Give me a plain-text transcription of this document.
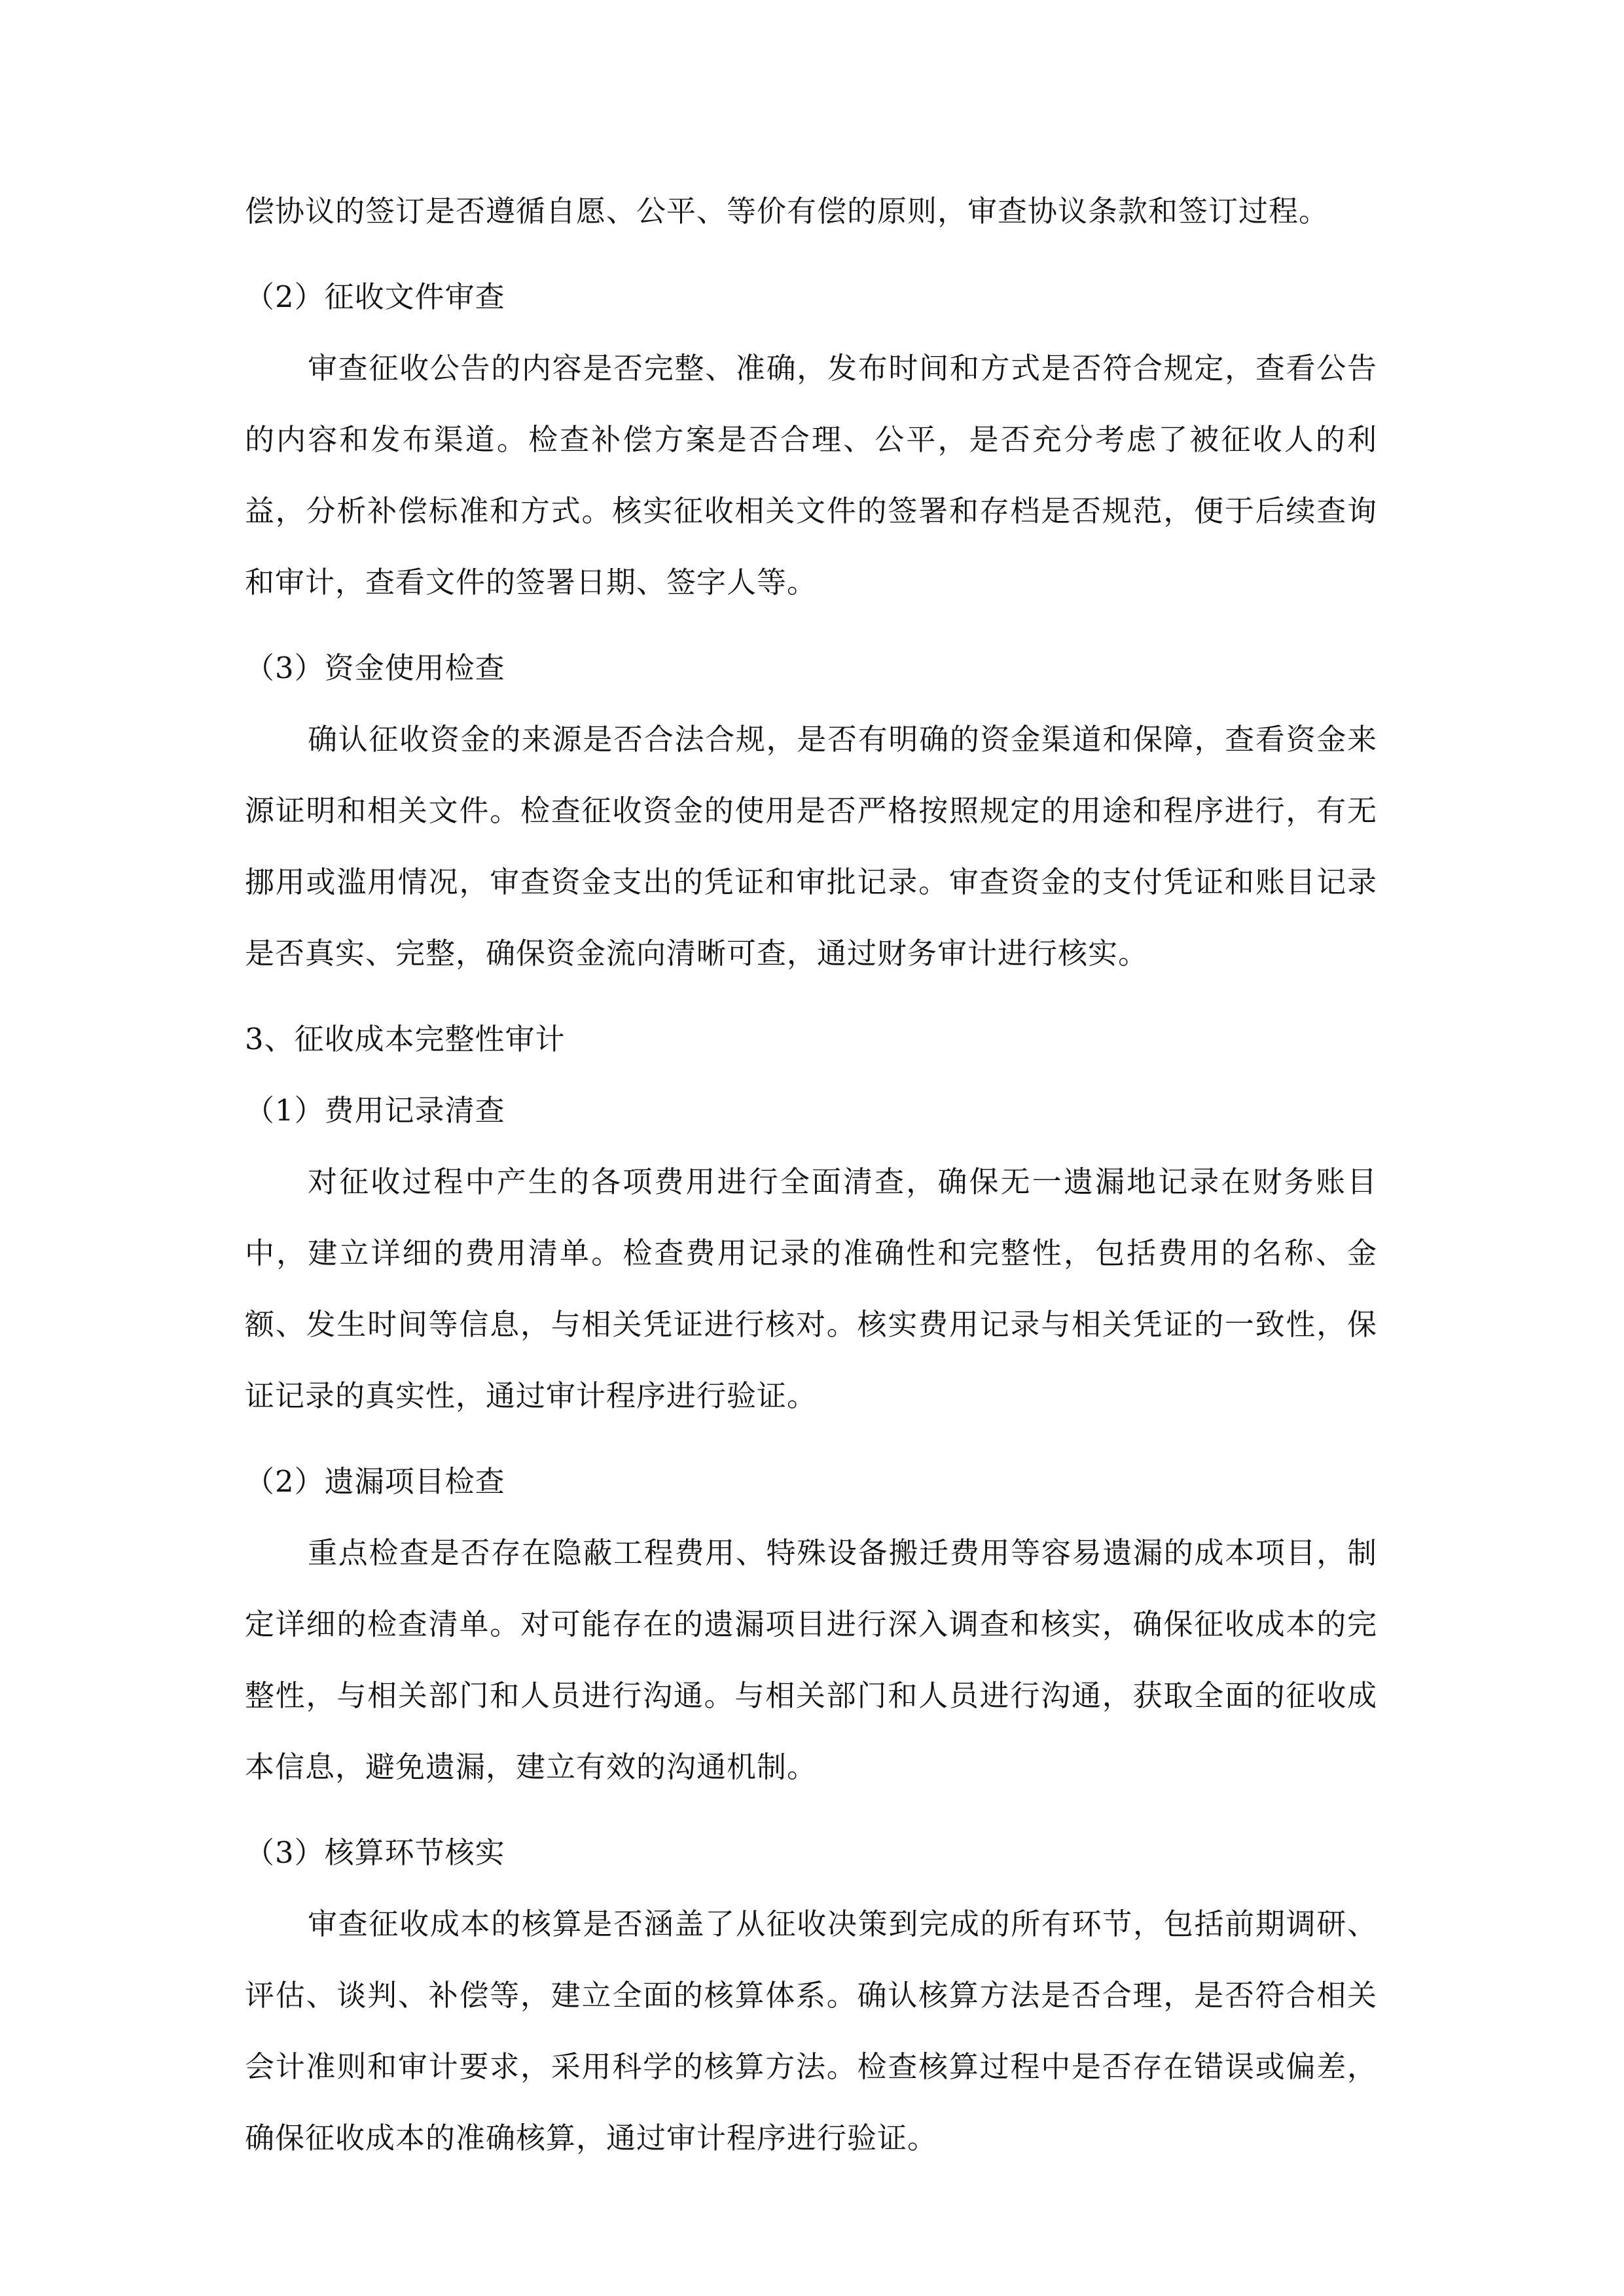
偿协议的签订是否遵循自愿、公平、等价有偿的原则，审查协议条款和签订过程。

（2）征收文件审查

审查征收公告的内容是否完整、准确，发布时间和方式是否符合规定，查看公告的内容和发布渠道。检查补偿方案是否合理、公平，是否充分考虑了被征收人的利益，分析补偿标准和方式。核实征收相关文件的签署和存档是否规范，便于后续查询和审计，查看文件的签署日期、签字人等。

（3）资金使用检查

确认征收资金的来源是否合法合规，是否有明确的资金渠道和保障，查看资金来源证明和相关文件。检查征收资金的使用是否严格按照规定的用途和程序进行，有无挪用或滥用情况，审查资金支出的凭证和审批记录。审查资金的支付凭证和账目记录是否真实、完整，确保资金流向清晰可查，通过财务审计进行核实。

3、征收成本完整性审计

（1）费用记录清查

对征收过程中产生的各项费用进行全面清查，确保无一遗漏地记录在财务账目中，建立详细的费用清单。检查费用记录的准确性和完整性，包括费用的名称、金额、发生时间等信息，与相关凭证进行核对。核实费用记录与相关凭证的一致性，保证记录的真实性，通过审计程序进行验证。

（2）遗漏项目检查

重点检查是否存在隐蔽工程费用、特殊设备搬迁费用等容易遗漏的成本项目，制定详细的检查清单。对可能存在的遗漏项目进行深入调查和核实，确保征收成本的完整性，与相关部门和人员进行沟通。与相关部门和人员进行沟通，获取全面的征收成本信息，避免遗漏，建立有效的沟通机制。

（3）核算环节核实

审查征收成本的核算是否涵盖了从征收决策到完成的所有环节，包括前期调研、评估、谈判、补偿等，建立全面的核算体系。确认核算方法是否合理，是否符合相关会计准则和审计要求，采用科学的核算方法。检查核算过程中是否存在错误或偏差，确保征收成本的准确核算，通过审计程序进行验证。
